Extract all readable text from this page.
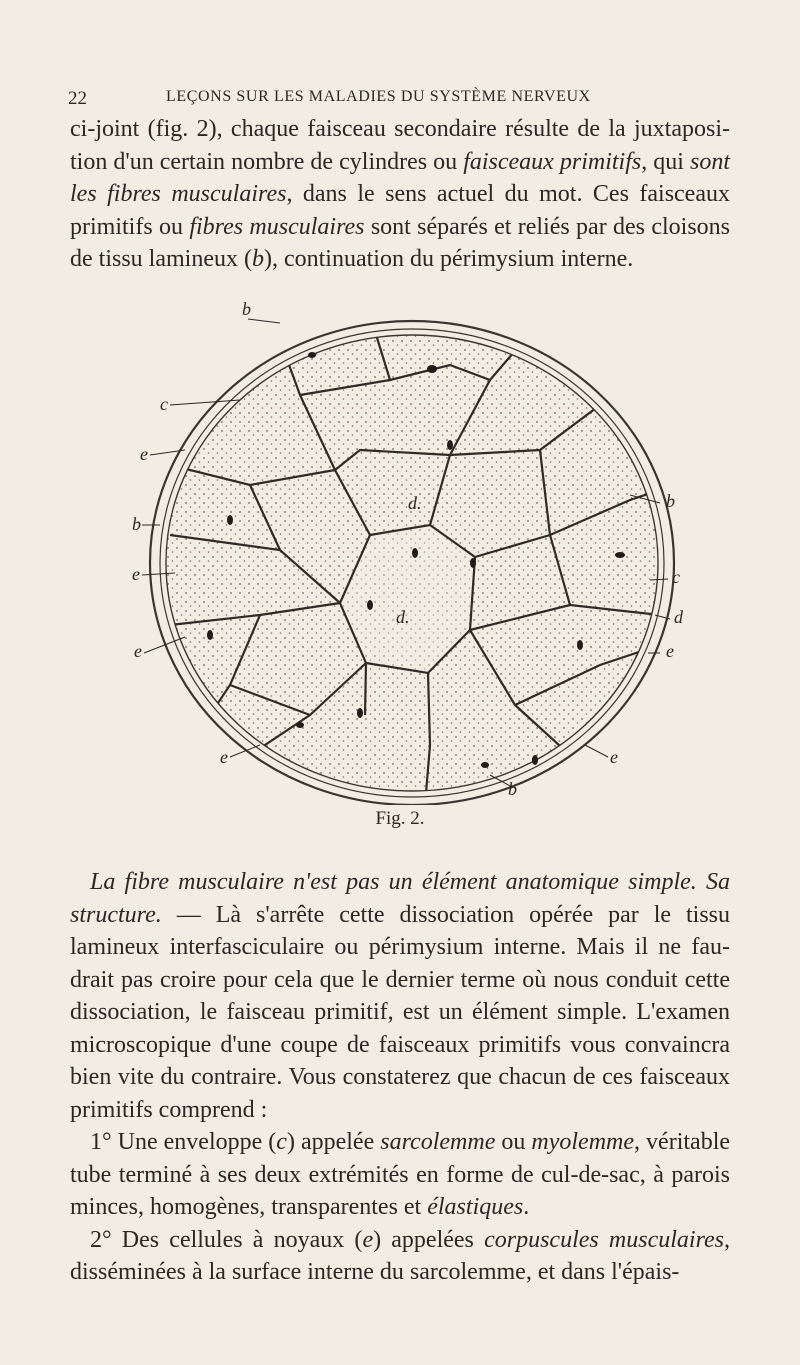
22	LEÇONS SUR LES MALADIES DU SYSTÈME NERVEUX

ci-joint (fig. 2), chaque faisceau secondaire résulte de la juxtaposition d'un certain nombre de cylindres ou faisceaux primitifs, qui sont les fibres musculaires, dans le sens actuel du mot. Ces faisceaux primitifs ou fibres musculaires sont séparés et reliés par des cloisons de tissu lamineux (b), continuation du périmysium interne.

b
c
e
b
e
e
e
b
c
d
e
e
b
d.
d.
Fig. 2.

La fibre musculaire n'est pas un élément anatomique simple. Sa structure. — Là s'arrête cette dissociation opérée par le tissu lamineux interfasciculaire ou périmysium interne. Mais il ne faudrait pas croire pour cela que le dernier terme où nous conduit cette dissociation, le faisceau primitif, est un élément simple. L'examen microscopique d'une coupe de faisceaux primitifs vous convaincra bien vite du contraire. Vous constaterez que chacun de ces faisceaux primitifs comprend :

1° Une enveloppe (c) appelée sarcolemme ou myolemme, véritable tube terminé à ses deux extrémités en forme de cul-de-sac, à parois minces, homogènes, transparentes et élastiques.

2° Des cellules à noyaux (e) appelées corpuscules musculaires, disséminées à la surface interne du sarcolemme, et dans l'épais-
